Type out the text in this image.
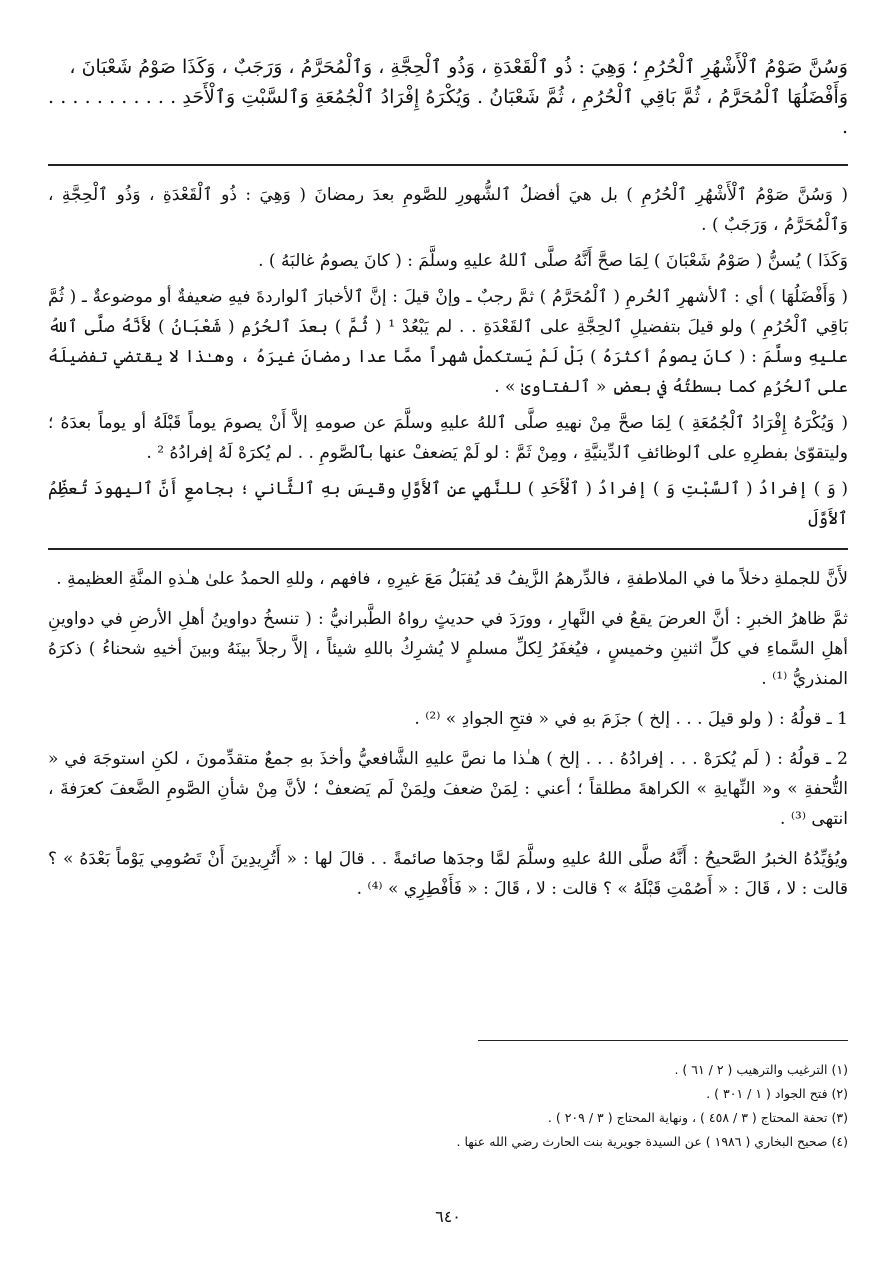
وَسُنَّ صَوْمُ ٱلْأَشْهُرِ ٱلْحُرُمِ ؛ وَهِيَ : ذُو ٱلْقَعْدَةِ ، وَذُو ٱلْحِجَّةِ ، وَٱلْمُحَرَّمُ ، وَرَجَبٌ ، وَكَذَا صَوْمُ شَعْبَانَ ،
وَأَفْضَلُهَا ٱلْمُحَرَّمُ ، ثُمَّ بَاقِي ٱلْحُرُمِ ، ثُمَّ شَعْبَانُ . وَيُكْرَهُ إِفْرَادُ ٱلْجُمُعَةِ وَٱلسَّبْتِ وَٱلْأَحَدِ . . . . . . . . . . . .

( وَسُنَّ صَوْمُ ٱلْأَشْهُرِ ٱلْحُرُمِ ) بل هيَ أفضلُ ٱلشُّهورِ للصَّومِ بعدَ رمضانَ ( وَهِيَ : ذُو ٱلْقَعْدَةِ ، وَذُو ٱلْحِجَّةِ ، وَٱلْمُحَرَّمُ ، وَرَجَبٌ ) .

وَكَذَا ) يُسنُّ ( صَوْمُ شَعْبَانَ ) لِمَا صحَّ أَنَّهُ صلَّى ٱللهُ عليهِ وسلَّمَ : ( كانَ يصومُ غالبَهُ ) .

( وَأَفْضَلُهَا ) أي : ٱلأشهرِ ٱلحُرمِ ( ٱلْمُحَرَّمُ ) ثمَّ رجبٌ ـ وإنْ قيلَ : إنَّ ٱلأخبارَ ٱلواردةَ فيهِ ضعيفةٌ أو موضوعةٌ ـ ( ثُمَّ بَاقِي ٱلْحُرُمِ ) ولو قيلَ بتفضيلِ ٱلحِجَّةِ على ٱلقَعْدَةِ . . لم يَبْعُدْ ¹ ( ثُمَّ ) بعدَ ٱلحُرُمِ ( شَعْبَانُ ) لأَنَّهُ صلَّى ٱللهُ عليهِ وسلَّمَ : ( كانَ يصومُ أكثرَهُ ) بَلْ لَمْ يَستكملْ شهراً ممَّا عدا رمضانَ غيرَهُ ، وهـٰذا لا يقتضي تفضيلَهُ على ٱلحُرُمِ كما بسطتُهُ في بعضِ « ٱلفتاوىٰ » .

( وَيُكْرَهُ إِفْرَادُ ٱلْجُمُعَةِ ) لِمَا صحَّ مِنْ نهيهِ صلَّى ٱللهُ عليهِ وسلَّمَ عن صومهِ إلاَّ أَنْ يصومَ يوماً قَبْلَهُ أو يوماً بعدَهُ ؛ وليتقوّىٰ بفطرِهِ على ٱلوظائفِ ٱلدِّينيَّةِ ، ومِنْ ثَمَّ : لو لَمْ يَضعفْ عنها بٱلصَّومِ . . لم يُكرَهْ لَهُ إفرادُهُ ² .

( وَ ) إفرادُ ( ٱلسَّبْتِ وَ ) إفرادُ ( ٱلْأَحَدِ ) للنَّهيِ عنِ ٱلأَوَّلِ وقيسَ بهِ ٱلثَّاني ؛ بجامعِ أَنَّ ٱليهودَ تُعظِّمُ ٱلأَوَّلَ

لأَنَّ للجملةِ دخلاً ما في الملاطفةِ ، فالدِّرهمُ الزَّيفُ قد يُقبَلُ مَعَ غيرِهِ ، فافهم ، وللهِ الحمدُ علىٰ هـٰذهِ المنَّةِ العظيمةِ .

ثمَّ ظاهرُ الخبرِ : أنَّ العرضَ يقعُ في النَّهارِ ، وورَدَ في حديثٍ رواهُ الطَّبرانيُّ : ( تنسخُ دواوينُ أهلِ الأرضِ في دواوينِ أهلِ السَّماءِ في كلِّ اثنينِ وخميسٍ ، فيُغفَرُ لِكلِّ مسلمٍ لا يُشرِكُ باللهِ شيئاً ، إلاَّ رجلاً بينَهُ وبينَ أخيهِ شحناءُ ) ذكرَهُ المنذريُّ ⁽¹⁾ .

1 ـ قولُهُ : ( ولو قيلَ . . . إلخ ) جزَمَ بهِ في « فتحِ الجوادِ » ⁽²⁾ .

2 ـ قولُهُ : ( لَم يُكرَهْ . . . إفرادُهُ . . . إلخ ) هـٰذا ما نصَّ عليهِ الشَّافعيُّ وأخذَ بهِ جمعٌ متقدِّمونَ ، لكنِ استوجَهَ في « التُّحفةِ » و« النِّهايةِ » الكراهةَ مطلقاً ؛ أعني : لِمَنْ ضعفَ ولِمَنْ لَم يَضعفْ ؛ لأنَّ مِنْ شأنِ الصَّومِ الضَّعفَ كعرَفةَ ، انتهى ⁽³⁾ .

ويُؤيِّدُهُ الخبرُ الصَّحيحُ : أَنَّهُ صلَّى اللهُ عليهِ وسلَّمَ لمَّا وجدَها صائمةً . . قالَ لها : « أَتُرِيدِينَ أَنْ تَصُومِي يَوْماً بَعْدَهُ » ؟ قالت : لا ، قَالَ : « أَصُمْتِ قَبْلَهُ » ؟ قالت : لا ، قَالَ : « فَأَفْطِرِي » ⁽⁴⁾ .

(١) الترغيب والترهيب ( ٢ / ٦١ ) .

(٢) فتح الجواد ( ١ / ٣٠١ ) .

(٣) تحفة المحتاج ( ٣ / ٤٥٨ ) ، ونهاية المحتاج ( ٣ / ٢٠٩ ) .

(٤) صحيح البخاري ( ١٩٨٦ ) عن السيدة جويرية بنت الحارث رضي الله عنها .

٦٤٠
